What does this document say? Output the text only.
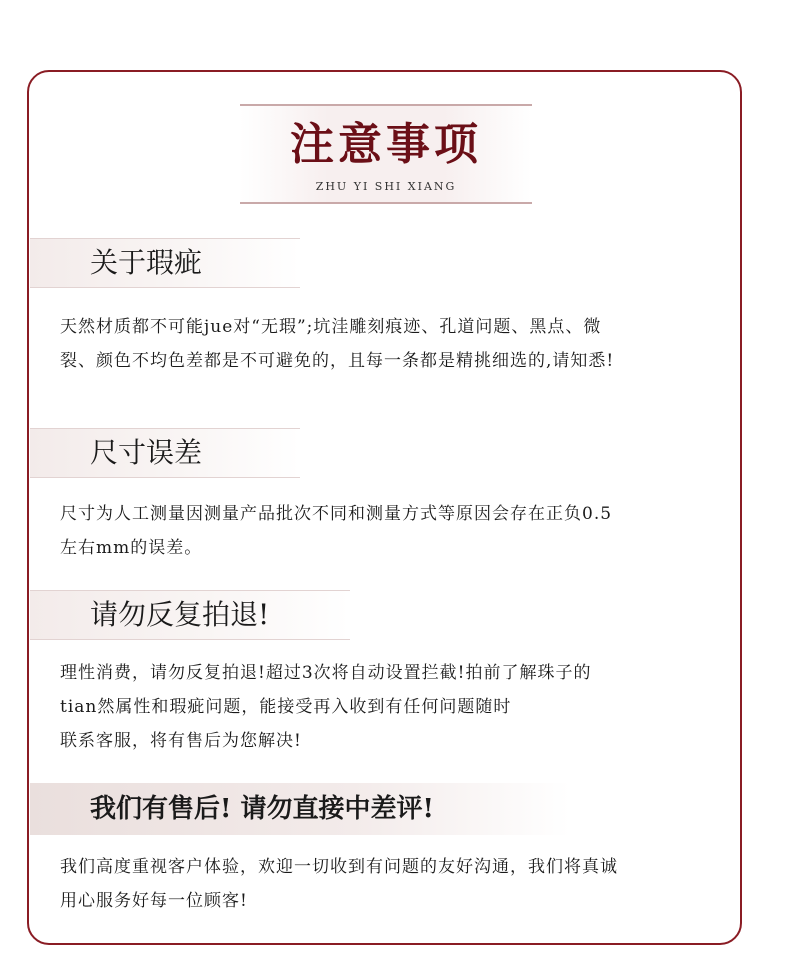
注意事项
ZHU YI SHI XIANG
关于瑕疵
天然材质都不可能jue对“无瑕”;坑洼雕刻痕迹、孔道问题、黑点、微
裂、颜色不均色差都是不可避免的，且每一条都是精挑细选的,请知悉!
尺寸误差
尺寸为人工测量因测量产品批次不同和测量方式等原因会存在正负0.5
左右mm的误差。
请勿反复拍退!
理性消费，请勿反复拍退!超过3次将自动设置拦截!拍前了解珠子的
tian然属性和瑕疵问题，能接受再入收到有任何问题随时
联系客服，将有售后为您解决!
我们有售后! 请勿直接中差评!
我们高度重视客户体验，欢迎一切收到有问题的友好沟通，我们将真诚
用心服务好每一位顾客!
